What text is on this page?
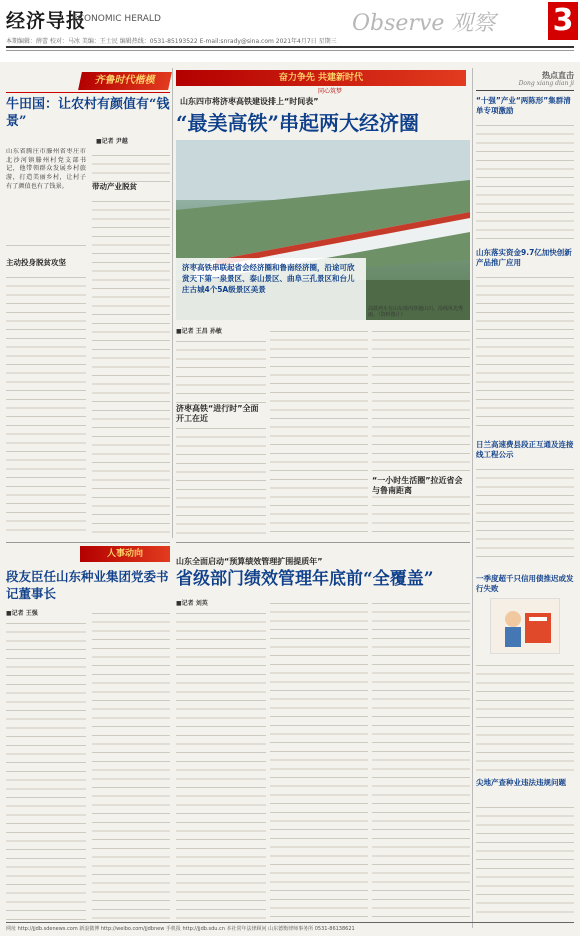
经济导报
ECONOMIC HERALD	Observe 观察	3
本期编辑：薛蕾 校对：马冰 美编：王士民 编辑热线：0531-85193522 E-mail:snrady@sina.com 2021年4月7日 星期三
齐鲁时代楷模
牛田国：让农村有颜值有“钱景”
■记者 尹越
山东省腾庄市滕州省枣庄市北沙河镇滕州村党支部书记，他带领群众发展乡村旅游，打造美丽乡村，让村子有了颜值也有了钱景。
主动投身脱贫攻坚
带动产业脱贫
奋力争先 共建新时代
同心筑梦
山东四市将济枣高铁建设排上“时间表”
“最美高铁”串起两大经济圈
济枣高铁串联起省会经济圈和鲁南经济圈，沿途可欣赏天下第一泉景区、泰山景区、曲阜三孔景区和台儿庄古城4个5A级景区美景
高铁列车在山东境内穿越山川，沿线风光秀丽。（资料图片）
■记者 王昌 孙敏
济枣高铁“进行时”全面开工在近
“一小时生活圈”拉近省会与鲁南距离
热点直击
Dong xiang dian ji
“十强”产业“两陈形”集群清单专项激励
山东落实资金9.7亿加快创新产品推广应用
日兰高速费县段正互通及连接线工程公示
一季度超千只信用债推迟或发行失败
尖地产查种业违法违规问题
人事动向
段友臣任山东种业集团党委书记董事长
■记者 王强
山东全面启动“预算绩效管理扩围提质年”
省级部门绩效管理年底前“全覆盖”
■记者 刘英
网址 http://jjdb.sdenews.com 新浪微博 http://weibo.com/jjdbnew 手机报 http://jjdb.sdu.cn 本社常年法律顾问 山东德衡律师事务所 0531-86138621
